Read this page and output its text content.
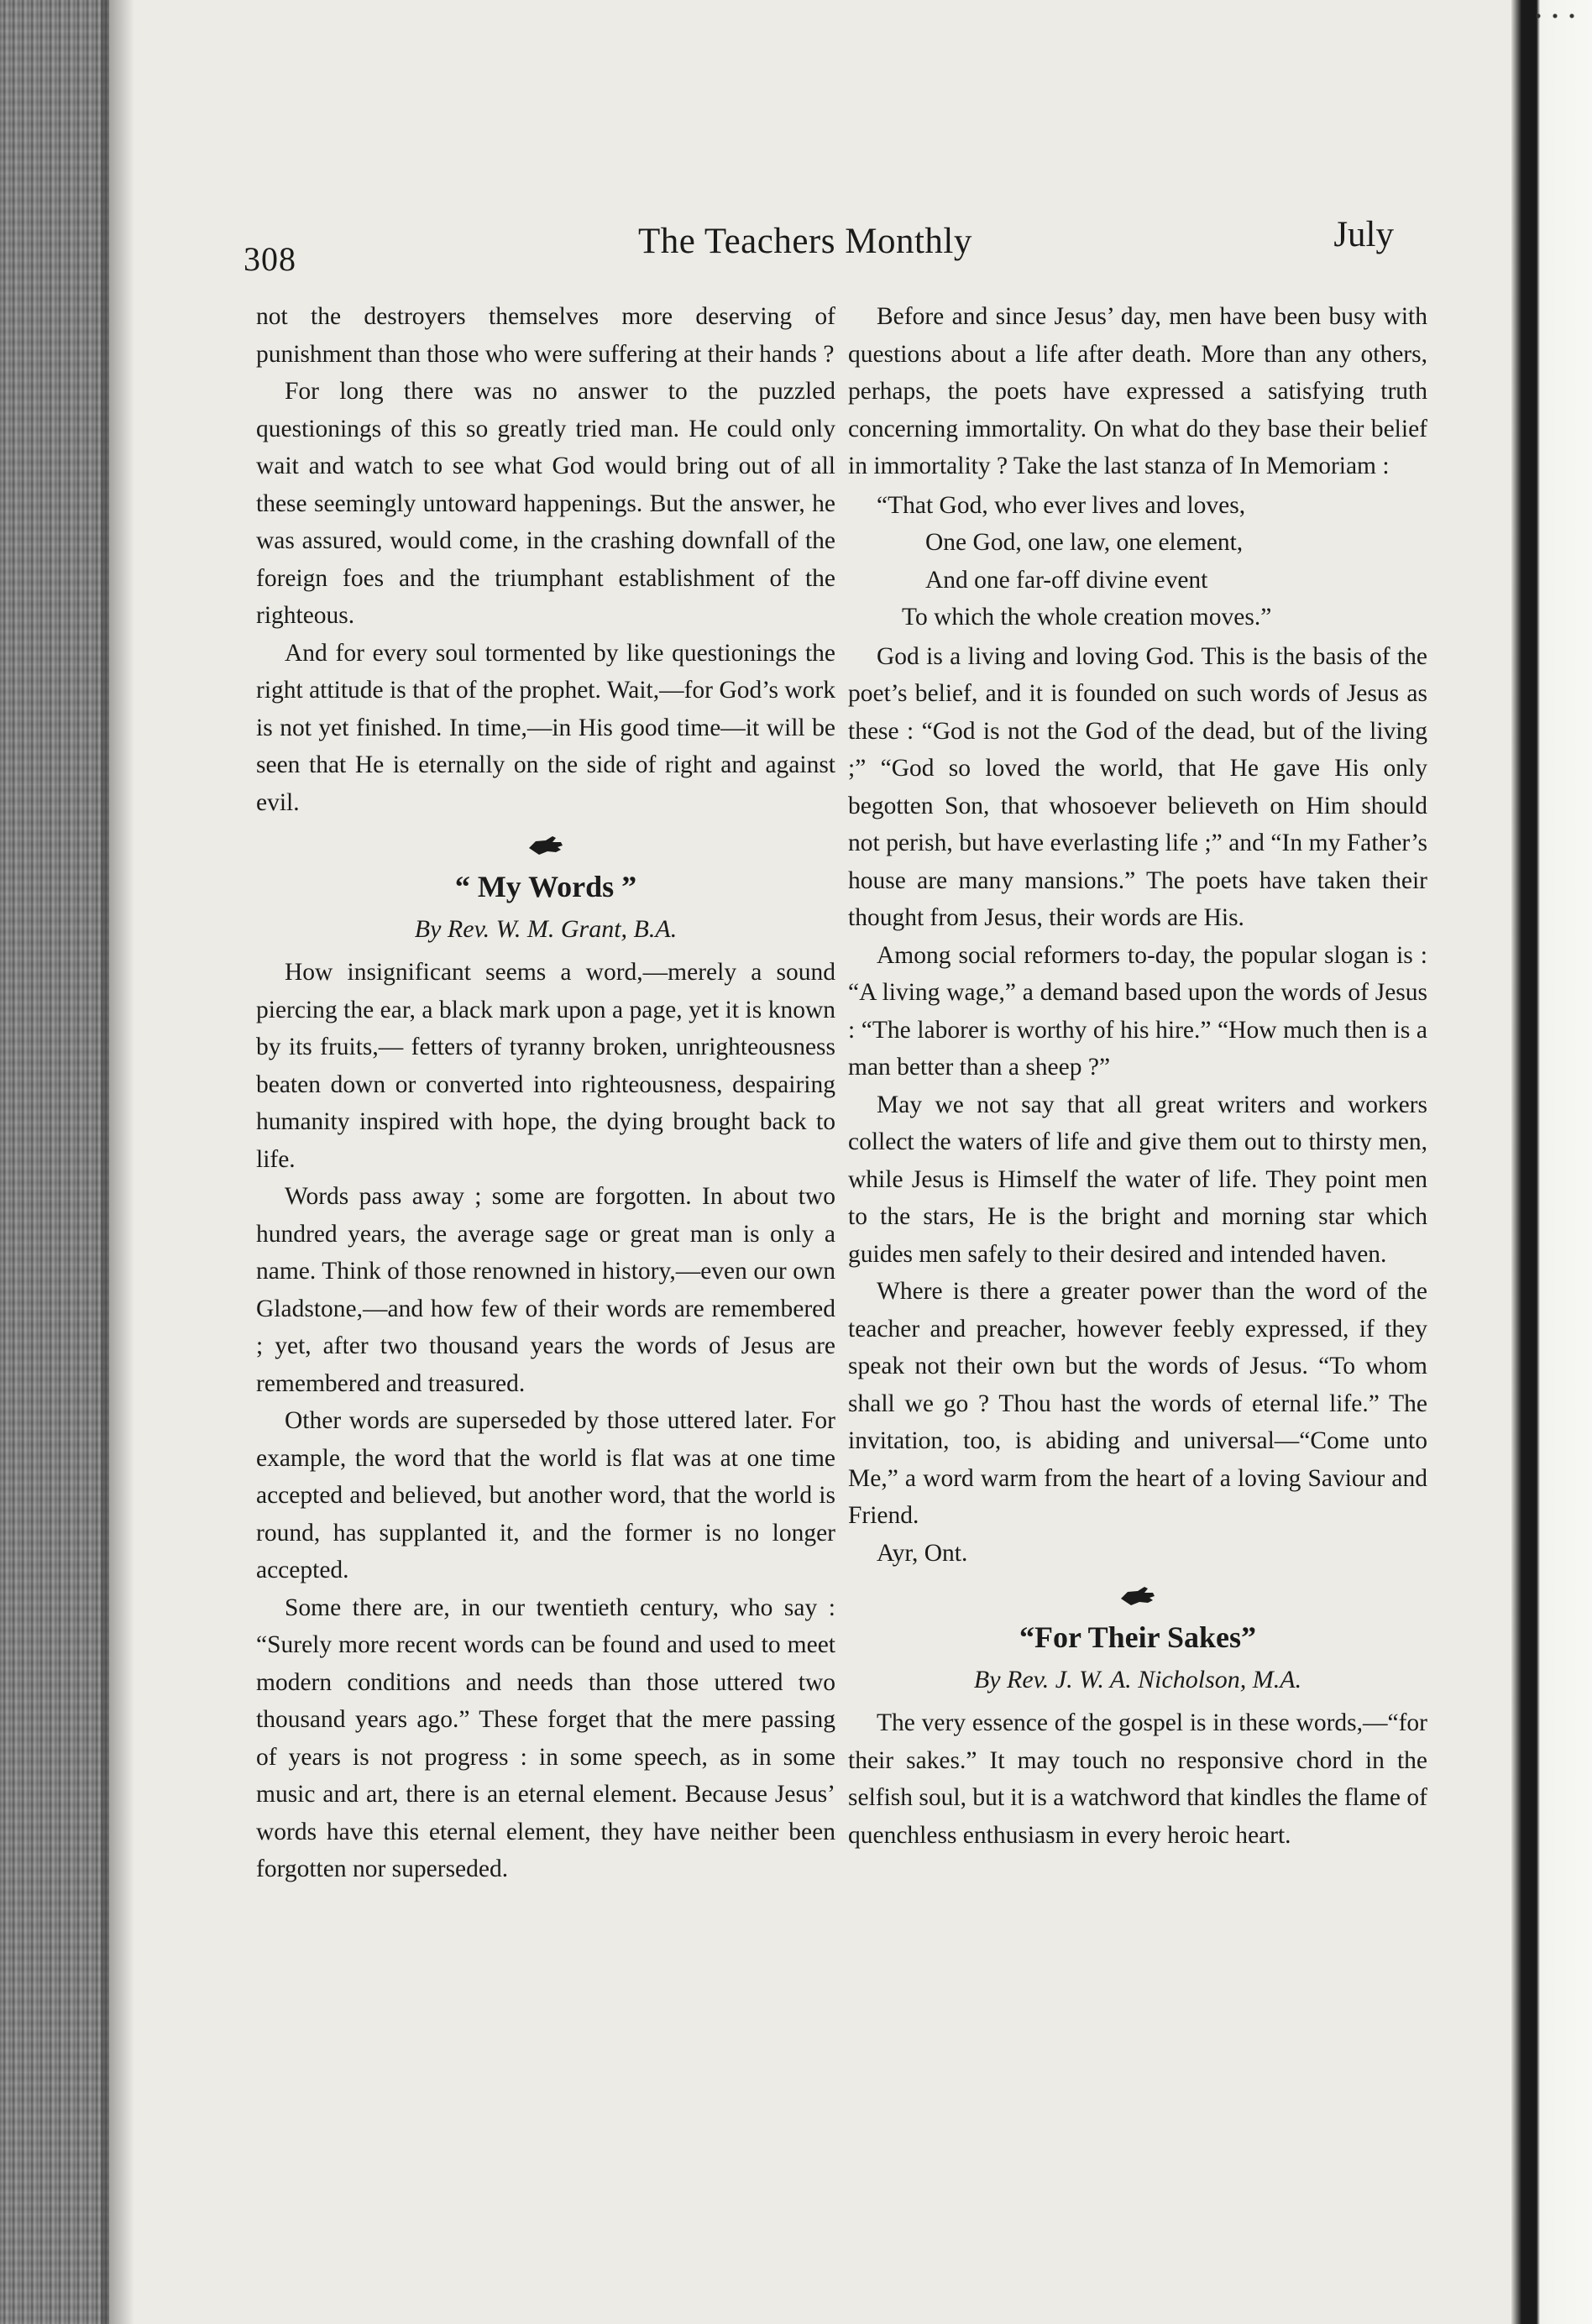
308	The Teachers Monthly	July

not the destroyers themselves more deserving of punishment than those who were suffering at their hands ?

For long there was no answer to the puzzled questionings of this so greatly tried man. He could only wait and watch to see what God would bring out of all these seemingly untoward happenings. But the answer, he was assured, would come, in the crashing downfall of the foreign foes and the triumphant establishment of the righteous.

And for every soul tormented by like questionings the right attitude is that of the prophet. Wait,—for God’s work is not yet finished. In time,—in His good time—it will be seen that He is eternally on the side of right and against evil.

“ My Words ”
By Rev. W. M. Grant, B.A.

How insignificant seems a word,—merely a sound piercing the ear, a black mark upon a page, yet it is known by its fruits,— fetters of tyranny broken, unrighteousness beaten down or converted into righteousness, despairing humanity inspired with hope, the dying brought back to life.

Words pass away ; some are forgotten. In about two hundred years, the average sage or great man is only a name. Think of those renowned in history,—even our own Gladstone,—and how few of their words are remembered ; yet, after two thousand years the words of Jesus are remembered and treasured.

Other words are superseded by those uttered later. For example, the word that the world is flat was at one time accepted and believed, but another word, that the world is round, has supplanted it, and the former is no longer accepted.

Some there are, in our twentieth century, who say : “Surely more recent words can be found and used to meet modern conditions and needs than those uttered two thousand years ago.” These forget that the mere passing of years is not progress : in some speech, as in some music and art, there is an eternal element. Because Jesus’ words have this eternal element, they have neither been forgotten nor superseded.

Before and since Jesus’ day, men have been busy with questions about a life after death. More than any others, perhaps, the poets have expressed a satisfying truth concerning immortality. On what do they base their belief in immortality ? Take the last stanza of In Memoriam :

“That God, who ever lives and loves,
One God, one law, one element,
And one far-off divine event
To which the whole creation moves.”

God is a living and loving God. This is the basis of the poet’s belief, and it is founded on such words of Jesus as these : “God is not the God of the dead, but of the living ;” “God so loved the world, that He gave His only begotten Son, that whosoever believeth on Him should not perish, but have everlasting life ;” and “In my Father’s house are many mansions.” The poets have taken their thought from Jesus, their words are His.

Among social reformers to-day, the popular slogan is : “A living wage,” a demand based upon the words of Jesus : “The laborer is worthy of his hire.” “How much then is a man better than a sheep ?”

May we not say that all great writers and workers collect the waters of life and give them out to thirsty men, while Jesus is Himself the water of life. They point men to the stars, He is the bright and morning star which guides men safely to their desired and intended haven.

Where is there a greater power than the word of the teacher and preacher, however feebly expressed, if they speak not their own but the words of Jesus. “To whom shall we go ? Thou hast the words of eternal life.” The invitation, too, is abiding and universal—“Come unto Me,” a word warm from the heart of a loving Saviour and Friend.

Ayr, Ont.

“For Their Sakes”
By Rev. J. W. A. Nicholson, M.A.

The very essence of the gospel is in these words,—“for their sakes.” It may touch no responsive chord in the selfish soul, but it is a watchword that kindles the flame of quenchless enthusiasm in every heroic heart.
